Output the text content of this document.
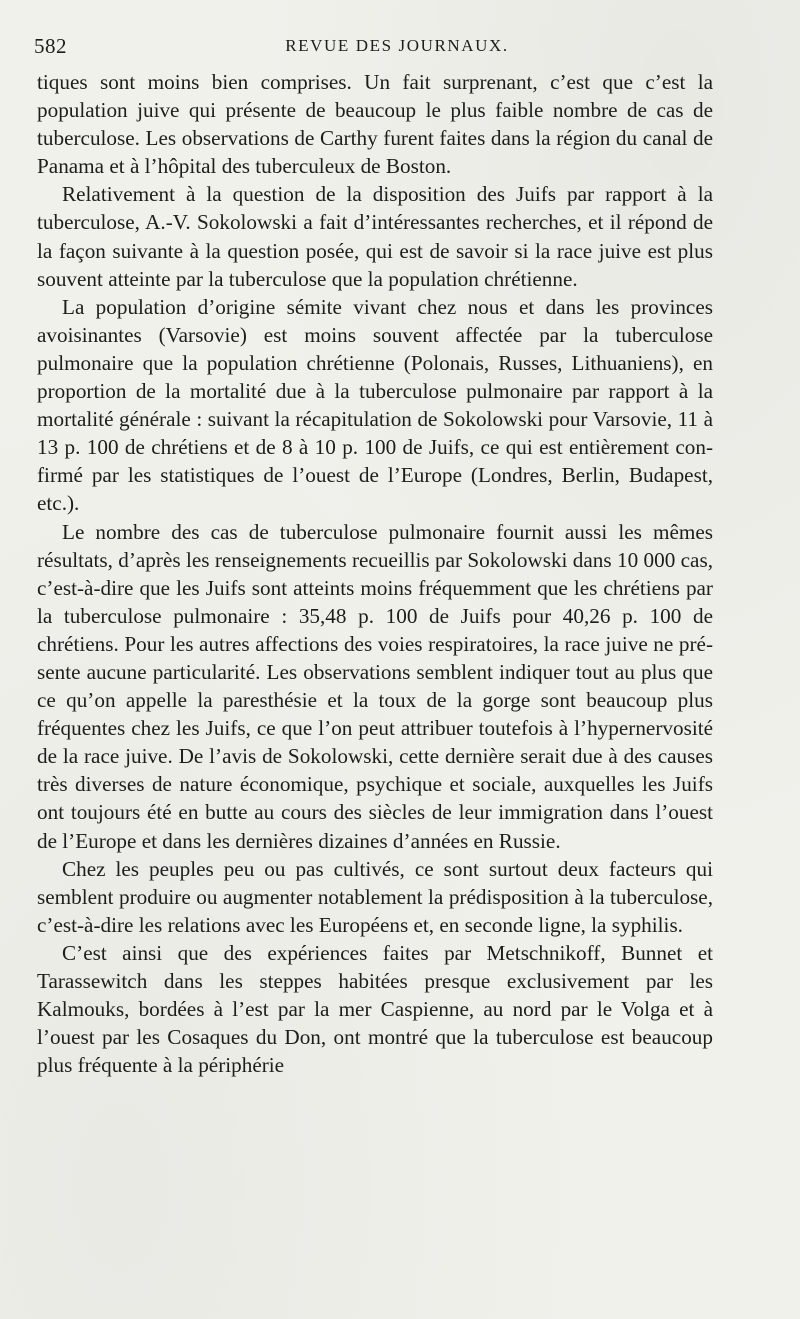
582	REVUE DES JOURNAUX.

tiques sont moins bien comprises. Un fait surprenant, c’est que c’est la population juive qui présente de beaucoup le plus faible nombre de cas de tuberculose. Les observations de Carthy furent faites dans la région du canal de Panama et à l’hôpital des tuberculeux de Boston.

Relativement à la question de la disposition des Juifs par rapport à la tuberculose, A.-V. Sokolowski a fait d’intéressantes recherches, et il répond de la façon suivante à la question posée, qui est de savoir si la race juive est plus souvent atteinte par la tuberculose que la population chrétienne.

La population d’origine sémite vivant chez nous et dans les provinces avoisinantes (Varsovie) est moins souvent affectée par la tuberculose pulmonaire que la population chrétienne (Polonais, Russes, Lithuaniens), en proportion de la mortalité due à la tuberculose pulmonaire par rapport à la mortalité générale : suivant la récapitulation de Sokolowski pour Varsovie, 11 à 13 p. 100 de chrétiens et de 8 à 10 p. 100 de Juifs, ce qui est entièrement confirmé par les statistiques de l’ouest de l’Europe (Londres, Berlin, Budapest, etc.).

Le nombre des cas de tuberculose pulmonaire fournit aussi les mêmes résultats, d’après les renseignements recueillis par Sokolowski dans 10 000 cas, c’est-à-dire que les Juifs sont atteints moins fréquemment que les chrétiens par la tuberculose pulmonaire : 35,48 p. 100 de Juifs pour 40,26 p. 100 de chrétiens. Pour les autres affections des voies respiratoires, la race juive ne présente aucune particularité. Les observations semblent indiquer tout au plus que ce qu’on appelle la paresthésie et la toux de la gorge sont beaucoup plus fréquentes chez les Juifs, ce que l’on peut attribuer toutefois à l’hypernervosité de la race juive. De l’avis de Sokolowski, cette dernière serait due à des causes très diverses de nature économique, psychique et sociale, auxquelles les Juifs ont toujours été en butte au cours des siècles de leur immigration dans l’ouest de l’Europe et dans les dernières dizaines d’années en Russie.

Chez les peuples peu ou pas cultivés, ce sont surtout deux facteurs qui semblent produire ou augmenter notablement la prédisposition à la tuberculose, c’est-à-dire les relations avec les Européens et, en seconde ligne, la syphilis.

C’est ainsi que des expériences faites par Metschnikoff, Bunnet et Tarassewitch dans les steppes habitées presque exclusivement par les Kalmouks, bordées à l’est par la mer Caspienne, au nord par le Volga et à l’ouest par les Cosaques du Don, ont montré que la tuberculose est beaucoup plus fréquente à la périphérie
